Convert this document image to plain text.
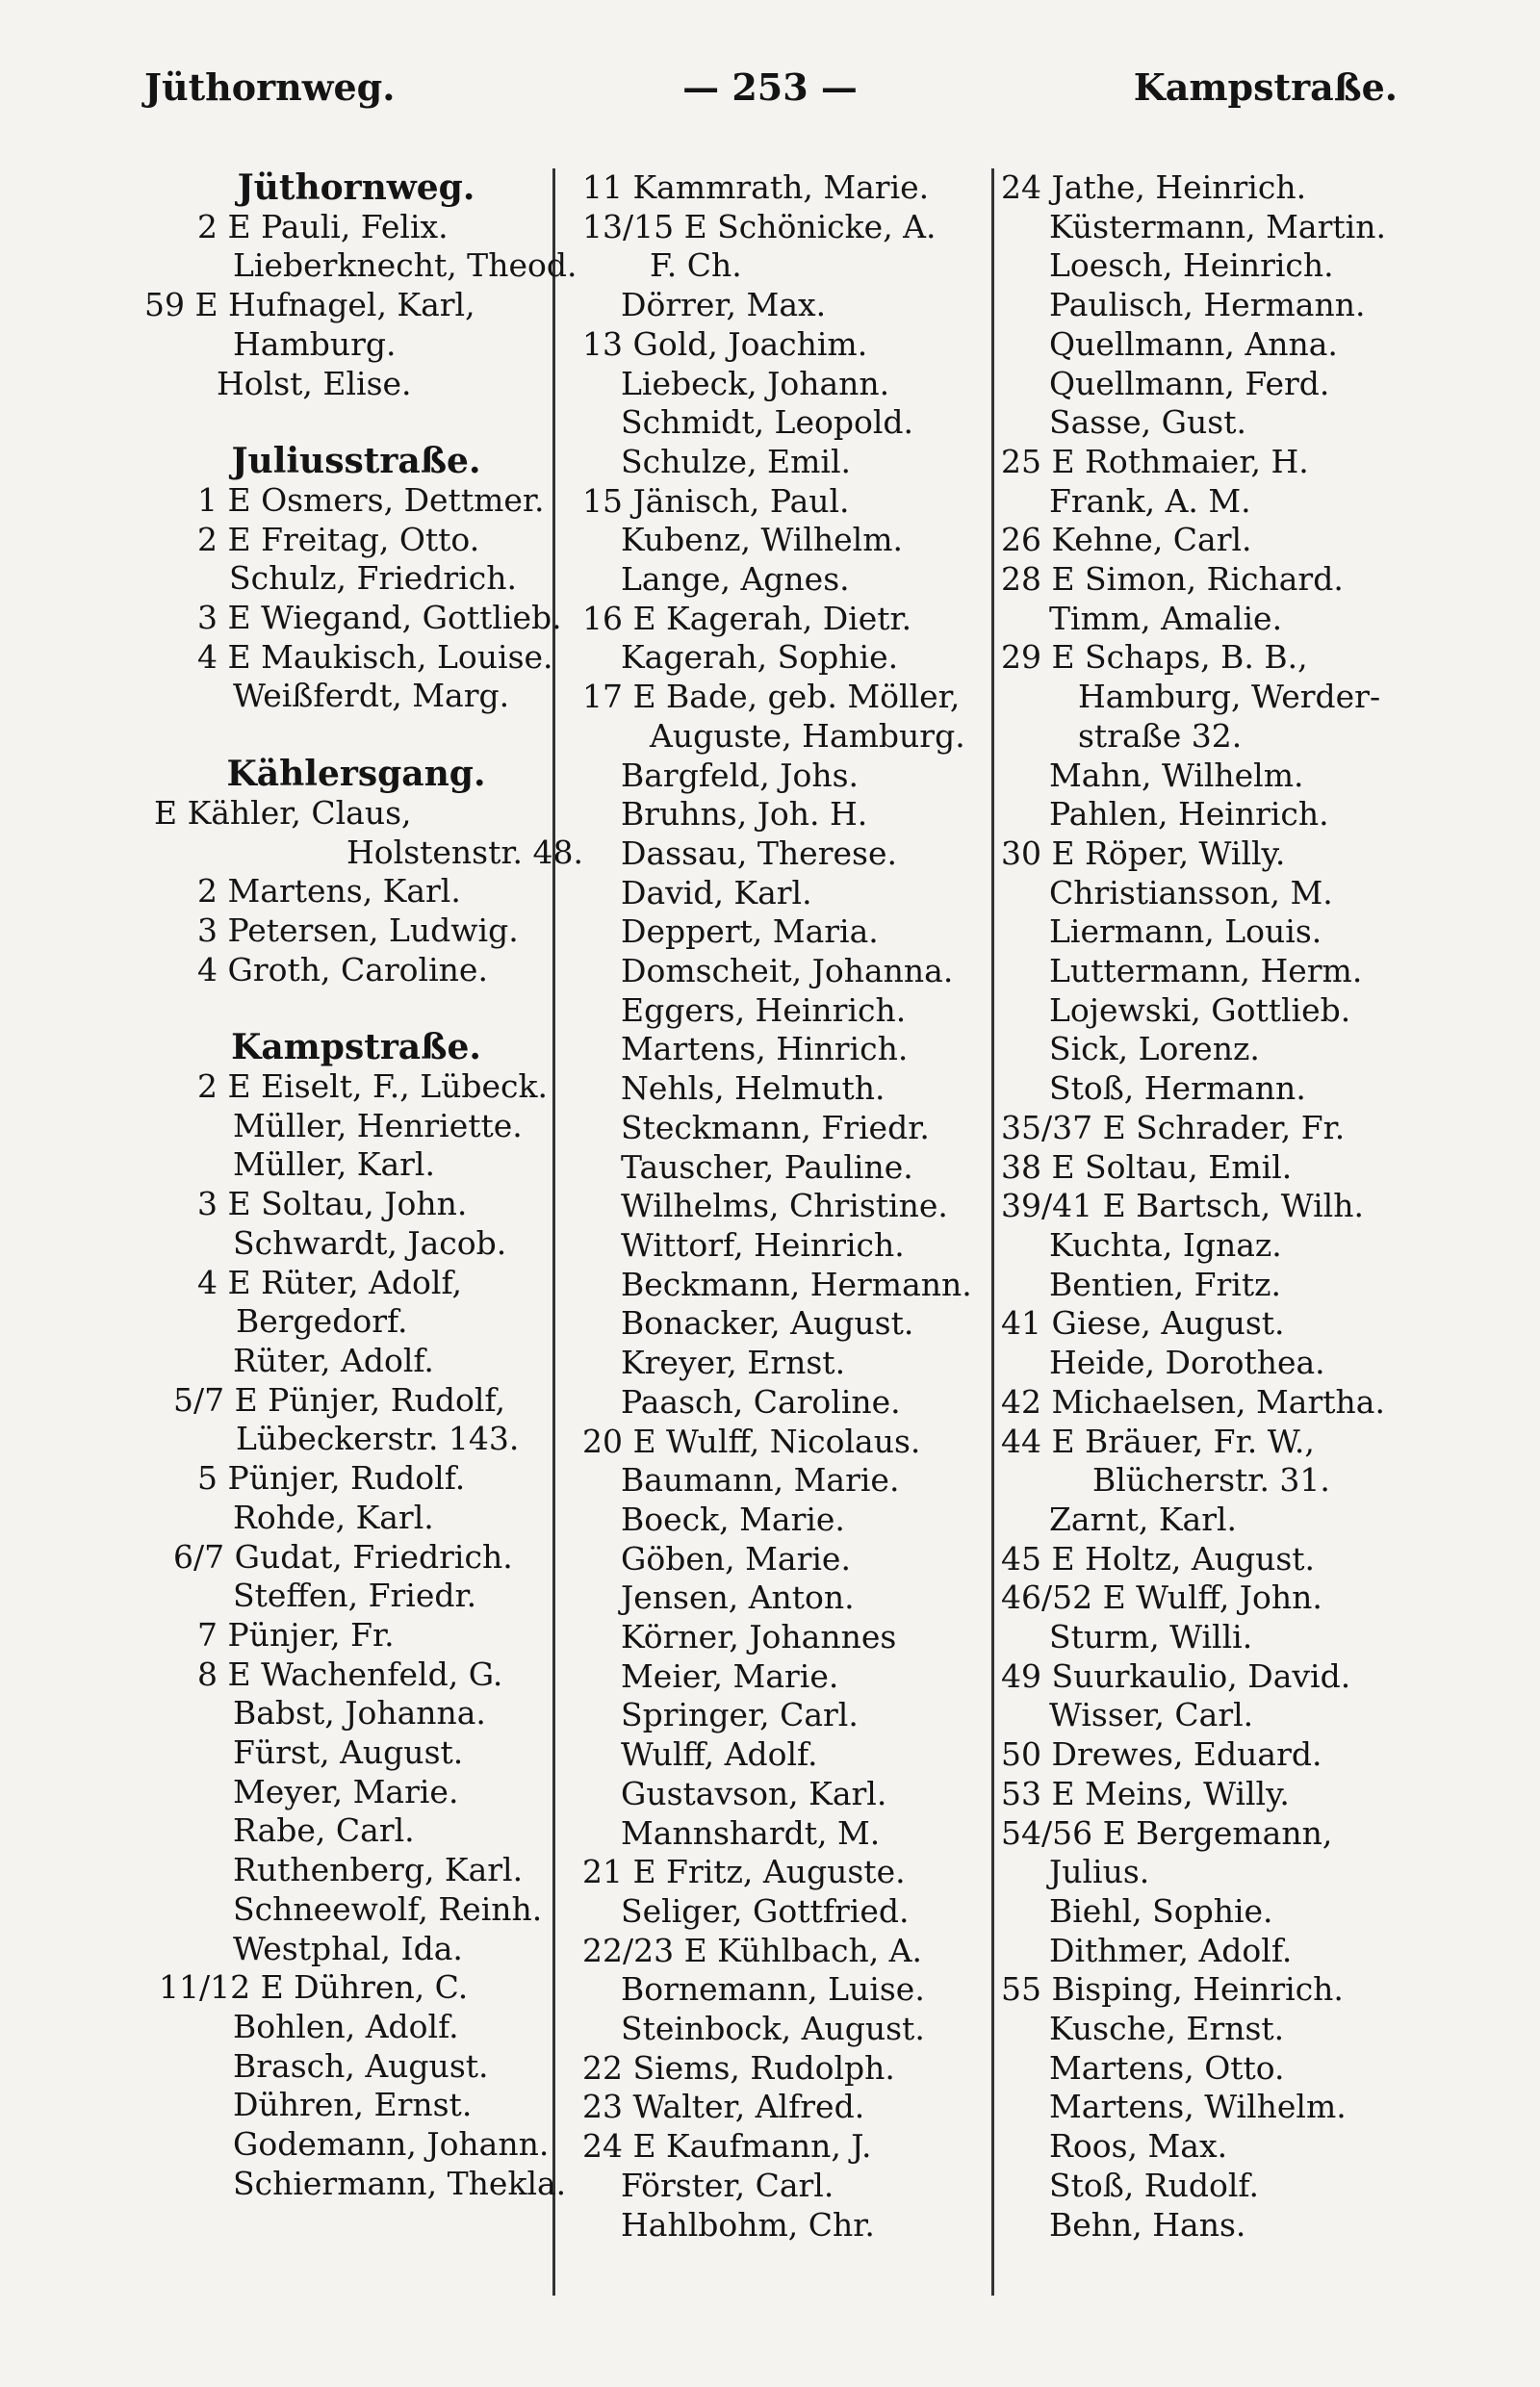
Jüthornweg.	— 253 —	Kampstraße.
Jüthornweg.
2 E Pauli, Felix.
Lieberknecht, Theod.
59 E Hufnagel, Karl,
Hamburg.
Holst, Elise.
Juliusstraße.
1 E Osmers, Dettmer.
2 E Freitag, Otto.
Schulz, Friedrich.
3 E Wiegand, Gottlieb.
4 E Maukisch, Louise.
Weißferdt, Marg.
Kählersgang.
E Kähler, Claus,
Holstenstr. 48.
2 Martens, Karl.
3 Petersen, Ludwig.
4 Groth, Caroline.
Kampstraße.
2 E Eiselt, F., Lübeck.
Müller, Henriette.
Müller, Karl.
3 E Soltau, John.
Schwardt, Jacob.
4 E Rüter, Adolf,
Bergedorf.
Rüter, Adolf.
5/7 E Pünjer, Rudolf,
Lübeckerstr. 143.
5 Pünjer, Rudolf.
Rohde, Karl.
6/7 Gudat, Friedrich.
Steffen, Friedr.
7 Pünjer, Fr.
8 E Wachenfeld, G.
Babst, Johanna.
Fürst, August.
Meyer, Marie.
Rabe, Carl.
Ruthenberg, Karl.
Schneewolf, Reinh.
Westphal, Ida.
11/12 E Dühren, C.
Bohlen, Adolf.
Brasch, August.
Dühren, Ernst.
Godemann, Johann.
Schiermann, Thekla.
11 Kammrath, Marie.
13/15 E Schönicke, A.
F. Ch.
Dörrer, Max.
13 Gold, Joachim.
Liebeck, Johann.
Schmidt, Leopold.
Schulze, Emil.
15 Jänisch, Paul.
Kubenz, Wilhelm.
Lange, Agnes.
16 E Kagerah, Dietr.
Kagerah, Sophie.
17 E Bade, geb. Möller,
Auguste, Hamburg.
Bargfeld, Johs.
Bruhns, Joh. H.
Dassau, Therese.
David, Karl.
Deppert, Maria.
Domscheit, Johanna.
Eggers, Heinrich.
Martens, Hinrich.
Nehls, Helmuth.
Steckmann, Friedr.
Tauscher, Pauline.
Wilhelms, Christine.
Wittorf, Heinrich.
Beckmann, Hermann.
Bonacker, August.
Kreyer, Ernst.
Paasch, Caroline.
20 E Wulff, Nicolaus.
Baumann, Marie.
Boeck, Marie.
Göben, Marie.
Jensen, Anton.
Körner, Johannes
Meier, Marie.
Springer, Carl.
Wulff, Adolf.
Gustavson, Karl.
Mannshardt, M.
21 E Fritz, Auguste.
Seliger, Gottfried.
22/23 E Kühlbach, A.
Bornemann, Luise.
Steinbock, August.
22 Siems, Rudolph.
23 Walter, Alfred.
24 E Kaufmann, J.
Förster, Carl.
Hahlbohm, Chr.
24 Jathe, Heinrich.
Küstermann, Martin.
Loesch, Heinrich.
Paulisch, Hermann.
Quellmann, Anna.
Quellmann, Ferd.
Sasse, Gust.
25 E Rothmaier, H.
Frank, A. M.
26 Kehne, Carl.
28 E Simon, Richard.
Timm, Amalie.
29 E Schaps, B. B.,
Hamburg, Werder-
straße 32.
Mahn, Wilhelm.
Pahlen, Heinrich.
30 E Röper, Willy.
Christiansson, M.
Liermann, Louis.
Luttermann, Herm.
Lojewski, Gottlieb.
Sick, Lorenz.
Stoß, Hermann.
35/37 E Schrader, Fr.
38 E Soltau, Emil.
39/41 E Bartsch, Wilh.
Kuchta, Ignaz.
Bentien, Fritz.
41 Giese, August.
Heide, Dorothea.
42 Michaelsen, Martha.
44 E Bräuer, Fr. W.,
Blücherstr. 31.
Zarnt, Karl.
45 E Holtz, August.
46/52 E Wulff, John.
Sturm, Willi.
49 Suurkaulio, David.
Wisser, Carl.
50 Drewes, Eduard.
53 E Meins, Willy.
54/56 E Bergemann,
Julius.
Biehl, Sophie.
Dithmer, Adolf.
55 Bisping, Heinrich.
Kusche, Ernst.
Martens, Otto.
Martens, Wilhelm.
Roos, Max.
Stoß, Rudolf.
Behn, Hans.
